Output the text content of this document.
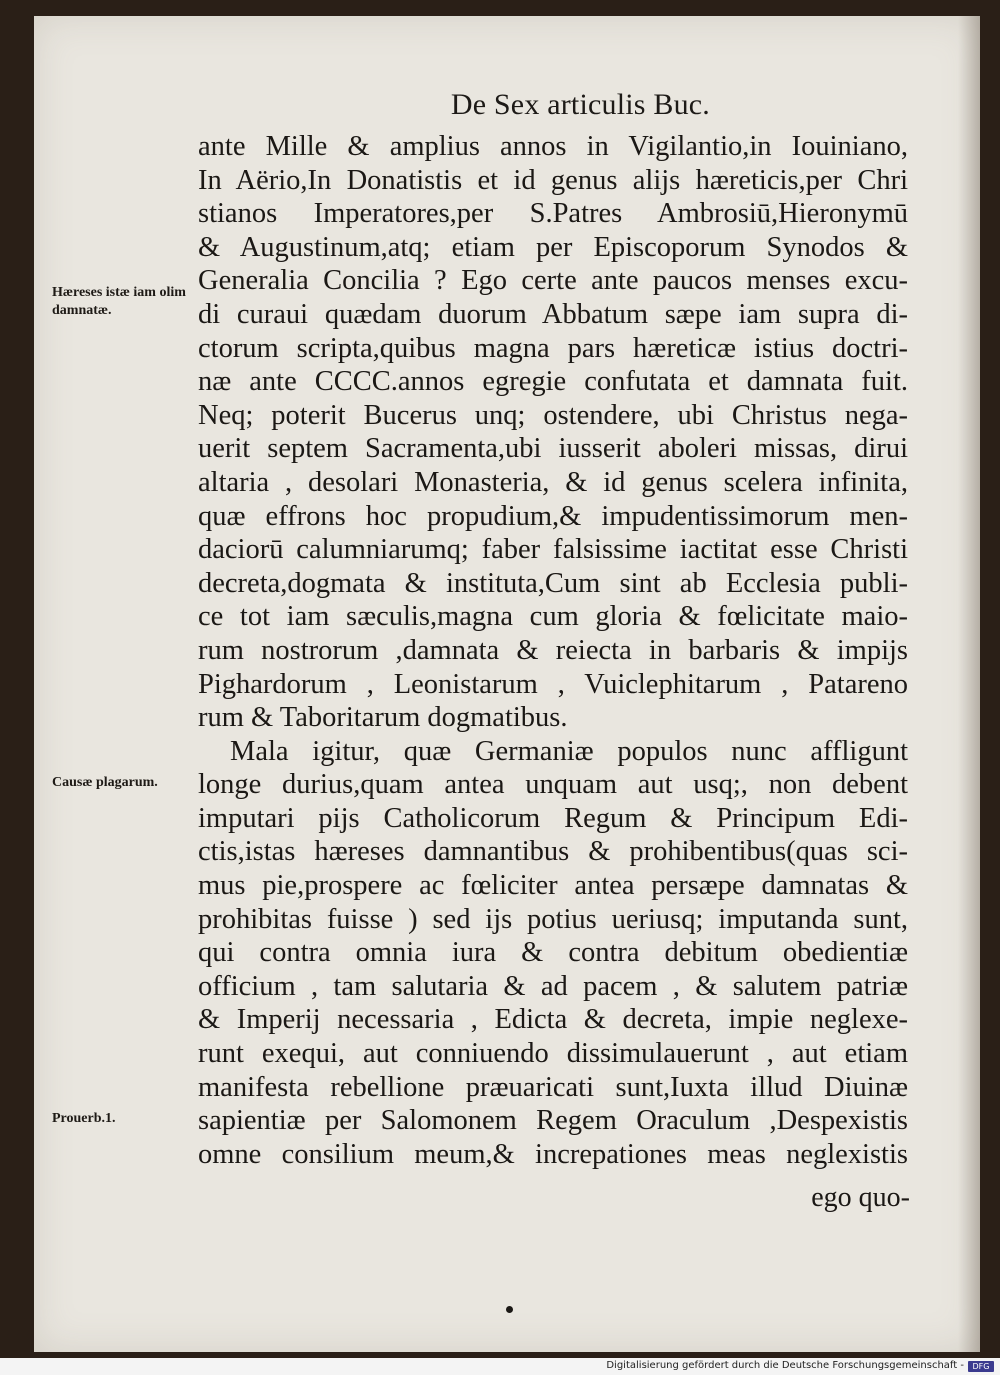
De Sex articulis Buc.
ante Mille & amplius annos in Vigilantio,in Iouiniano,
In Aërio,In Donatistis et id genus alijs hæreticis,per Chri
stianos Imperatores,per S.Patres Ambrosiū,Hieronymū
& Augustinum,atq; etiam per Episcoporum Synodos &
Generalia Concilia ? Ego certe ante paucos menses excu-
di curaui quædam duorum Abbatum sæpe iam supra di-
ctorum scripta,quibus magna pars hæreticæ istius doctri-
næ ante CCCC.annos egregie confutata et damnata fuit.
Neq; poterit Bucerus unq; ostendere, ubi Christus nega-
uerit septem Sacramenta,ubi iusserit aboleri missas, dirui
altaria , desolari Monasteria, & id genus scelera infinita,
quæ effrons hoc propudium,& impudentissimorum men-
daciorū calumniarumq; faber falsissime iactitat esse Christi
decreta,dogmata & instituta,Cum sint ab Ecclesia publi-
ce tot iam sæculis,magna cum gloria & fœlicitate maio-
rum nostrorum ,damnata & reiecta in barbaris & impijs
Pighardorum , Leonistarum , Vuiclephitarum , Patareno
rum & Taboritarum dogmatibus.
Mala igitur, quæ Germaniæ populos nunc affligunt
longe durius,quam antea unquam aut usq;, non debent
imputari pijs Catholicorum Regum & Principum Edi-
ctis,istas hæreses damnantibus & prohibentibus(quas sci-
mus pie,prospere ac fœliciter antea persæpe damnatas &
prohibitas fuisse ) sed ijs potius ueriusq; imputanda sunt,
qui contra omnia iura & contra debitum obedientiæ
officium , tam salutaria & ad pacem , & salutem patriæ
& Imperij necessaria , Edicta & decreta, impie neglexe-
runt exequi, aut conniuendo dissimulauerunt , aut etiam
manifesta rebellione præuaricati sunt,Iuxta illud Diuinæ
sapientiæ per Salomonem Regem Oraculum ,Despexistis
omne consilium meum,& increpationes meas neglexistis
ego quo-
Hæreses istæ iam olim damnatæ.
Causæ plagarum.
Prouerb.1.
Digitalisierung gefördert durch die Deutsche Forschungsgemeinschaft -	DFG
